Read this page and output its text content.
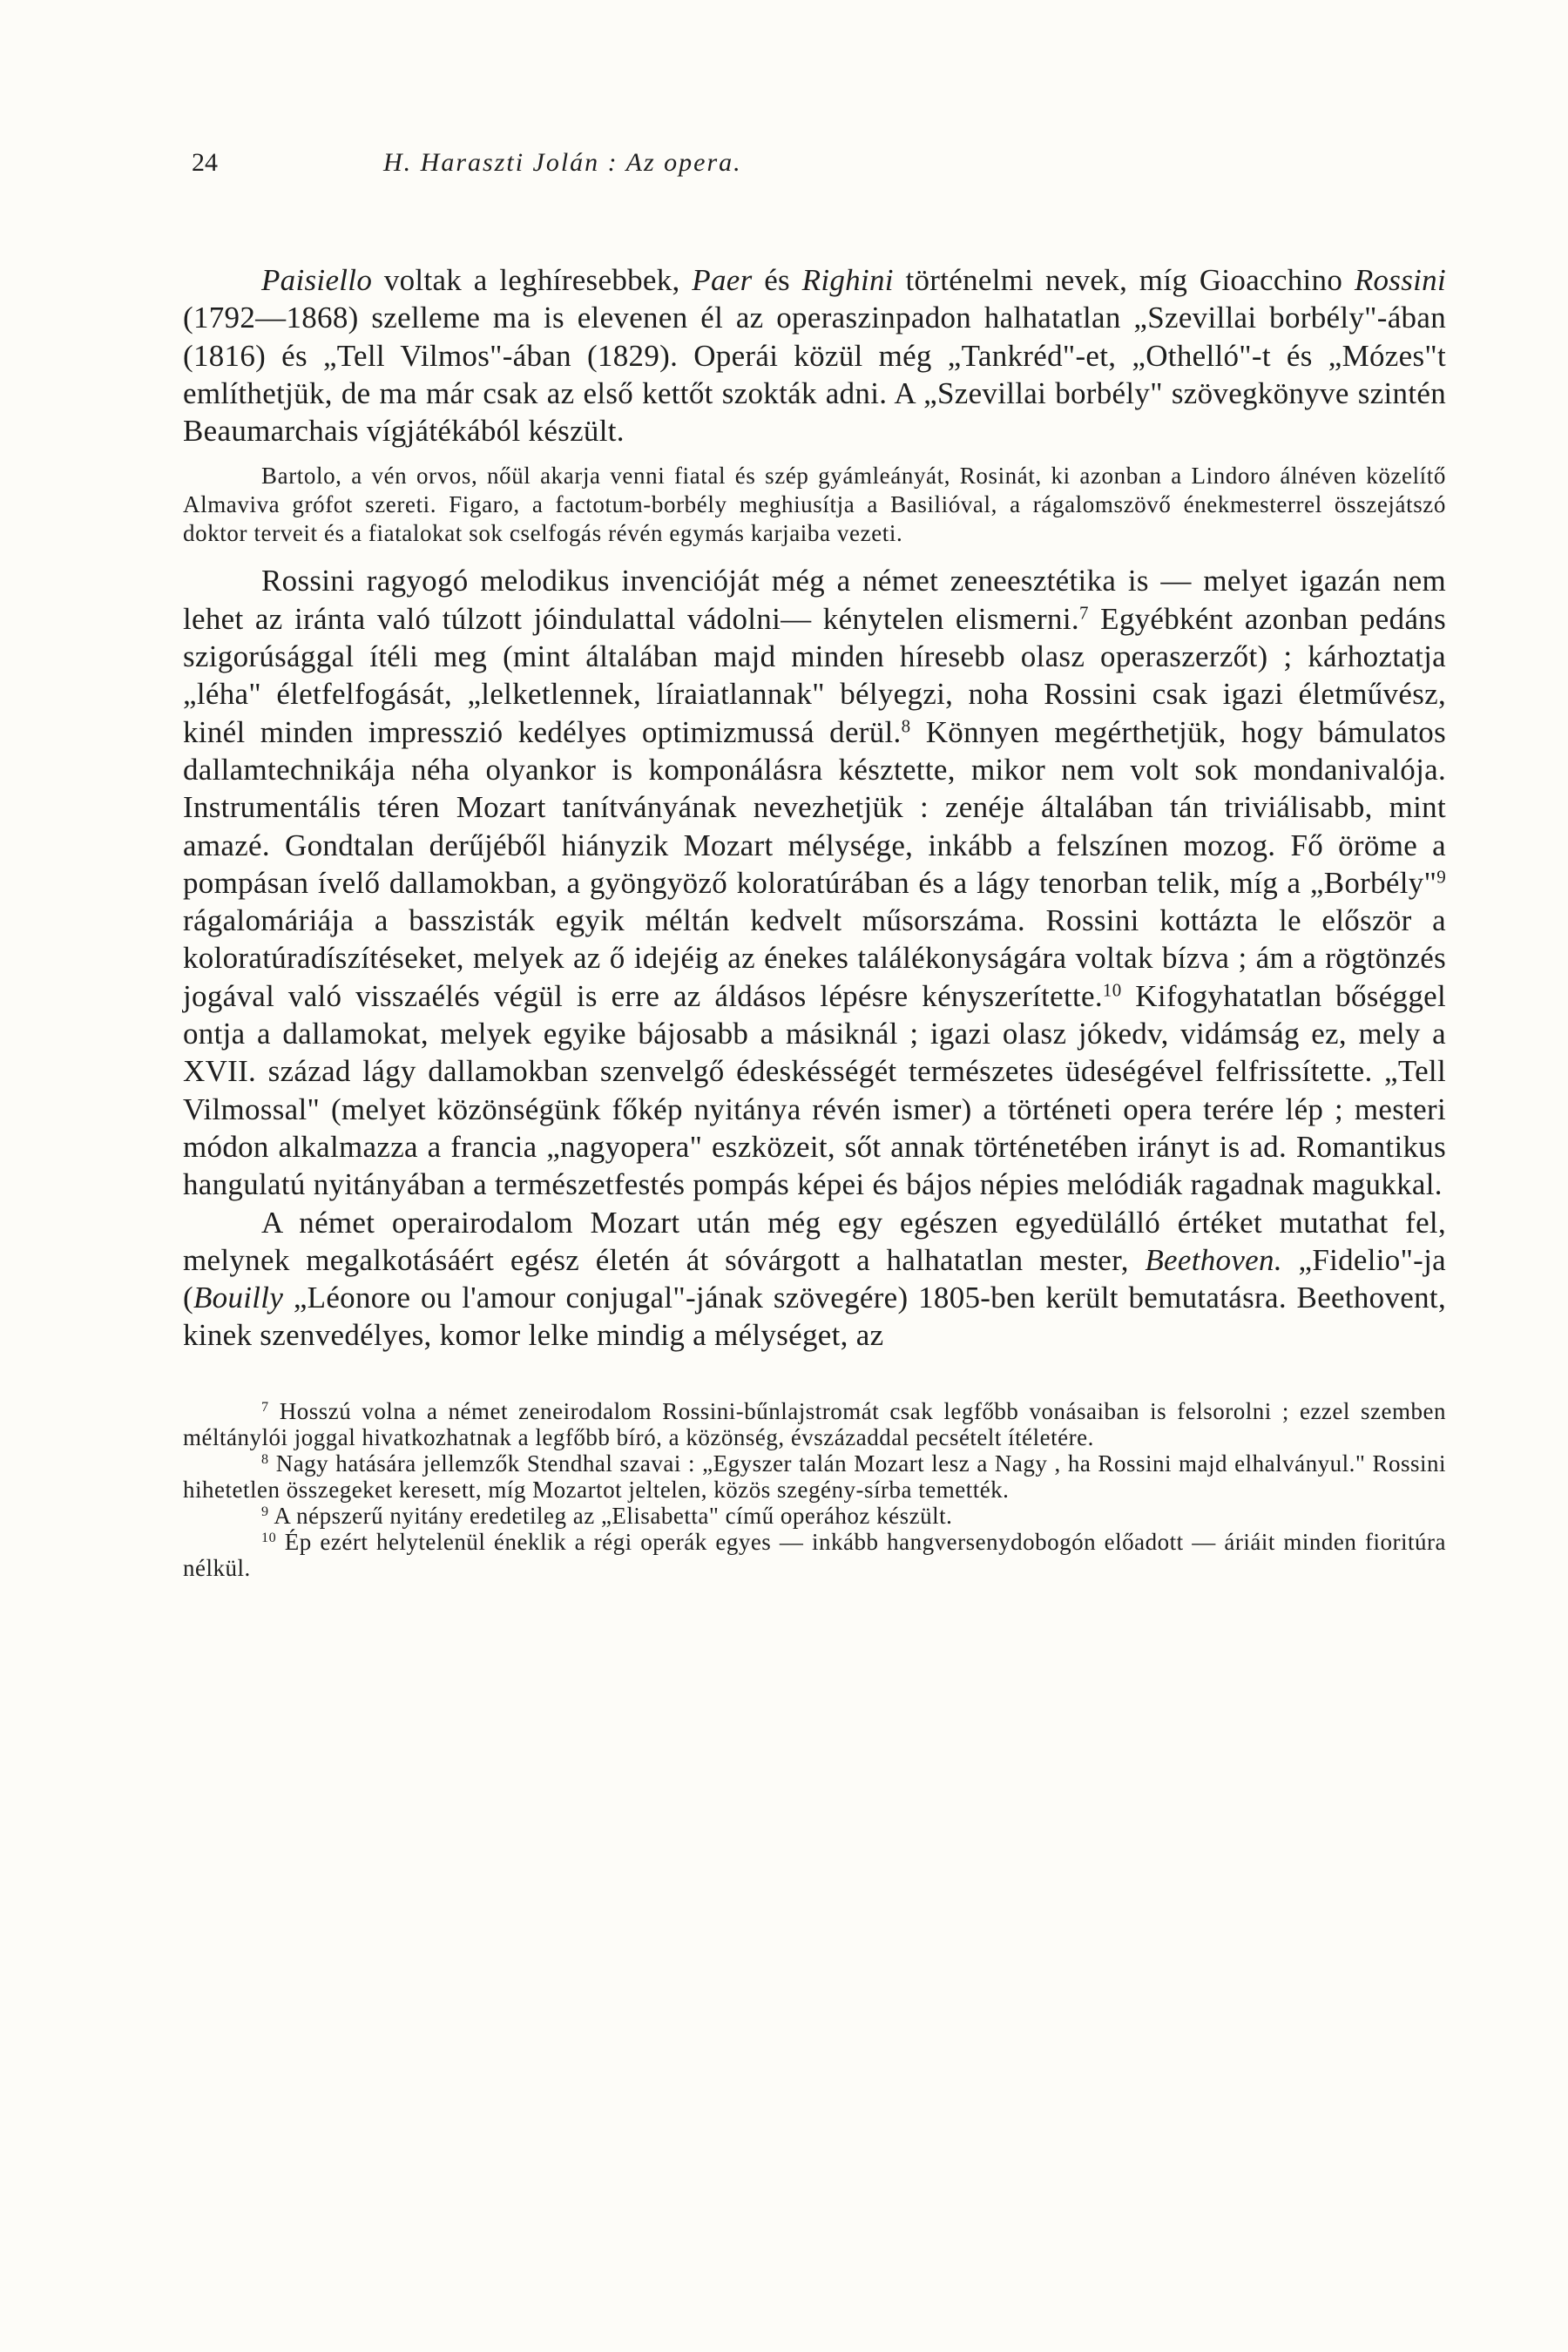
24	H. Haraszti Jolán : Az opera.

Paisiello voltak a leghíresebbek, Paer és Righini történelmi nevek, míg Gioacchino Rossini (1792—1868) szelleme ma is elevenen él az operaszinpadon halhatatlan „Szevillai borbély"-ában (1816) és „Tell Vilmos"-ában (1829). Operái közül még „Tankréd"-et, „Othelló"-t és „Mózes"t említhetjük, de ma már csak az első kettőt szokták adni. A „Szevillai borbély" szövegkönyve szintén Beaumarchais vígjátékából készült.

Bartolo, a vén orvos, nőül akarja venni fiatal és szép gyámleányát, Rosinát, ki azonban a Lindoro álnéven közelítő Almaviva grófot szereti. Figaro, a factotum-borbély meghiusítja a Basilióval, a rágalomszövő énekmesterrel összejátszó doktor terveit és a fiatalokat sok cselfogás révén egymás karjaiba vezeti.

Rossini ragyogó melodikus invencióját még a német zeneesztétika is — melyet igazán nem lehet az iránta való túlzott jóindulattal vádolni— kénytelen elismerni.$^7$ Egyébként azonban pedáns szigorúsággal ítéli meg (mint általában majd minden híresebb olasz operaszerzőt) ; kárhoztatja „léha" életfelfogását, „lelketlennek, líraiatlannak" bélyegzi, noha Rossini csak igazi életművész, kinél minden impresszió kedélyes optimizmussá derül.$^8$ Könnyen megérthetjük, hogy bámulatos dallamtechnikája néha olyankor is komponálásra késztette, mikor nem volt sok mondanivalója. Instrumentális téren Mozart tanítványának nevezhetjük : zenéje általában tán triviálisabb, mint amazé. Gondtalan derűjéből hiányzik Mozart mélysége, inkább a felszínen mozog. Fő öröme a pompásan ívelő dallamokban, a gyöngyöző koloratúrában és a lágy tenorban telik, míg a „Borbély"$^9$ rágalomáriája a basszisták egyik méltán kedvelt műsorszáma. Rossini kottázta le először a koloratúradíszítéseket, melyek az ő idejéig az énekes találékonyságára voltak bízva ; ám a rögtönzés jogával való visszaélés végül is erre az áldásos lépésre kényszerítette.$^{10}$ Kifogyhatatlan bőséggel ontja a dallamokat, melyek egyike bájosabb a másiknál ; igazi olasz jókedv, vidámság ez, mely a XVII. század lágy dallamokban szenvelgő édeskésségét természetes üdeségével felfrissítette. „Tell Vilmossal" (melyet közönségünk főkép nyitánya révén ismer) a történeti opera terére lép ; mesteri módon alkalmazza a francia „nagyopera" eszközeit, sőt annak történetében irányt is ad. Romantikus hangulatú nyitányában a természetfestés pompás képei és bájos népies melódiák ragadnak magukkal.

A német operairodalom Mozart után még egy egészen egyedülálló értéket mutathat fel, melynek megalkotásáért egész életén át sóvárgott a halhatatlan mester, Beethoven. „Fidelio"-ja (Bouilly „Léonore ou l'amour conjugal"-jának szövegére) 1805-ben került bemutatásra. Beethovent, kinek szenvedélyes, komor lelke mindig a mélységet, az

$^7$ Hosszú volna a német zeneirodalom Rossini-bűnlajstromát csak legfőbb vonásaiban is felsorolni ; ezzel szemben méltánylói joggal hivatkozhatnak a legfőbb bíró, a közönség, évszázaddal pecsételt ítéletére.

$^8$ Nagy hatására jellemzők Stendhal szavai : „Egyszer talán Mozart lesz a Nagy , ha Rossini majd elhalványul." Rossini hihetetlen összegeket keresett, míg Mozartot jeltelen, közös szegény-sírba temették.

$^9$ A népszerű nyitány eredetileg az „Elisabetta" című operához készült.

$^{10}$ Ép ezért helytelenül éneklik a régi operák egyes — inkább hangversenydobogón előadott — áriáit minden fioritúra nélkül.
